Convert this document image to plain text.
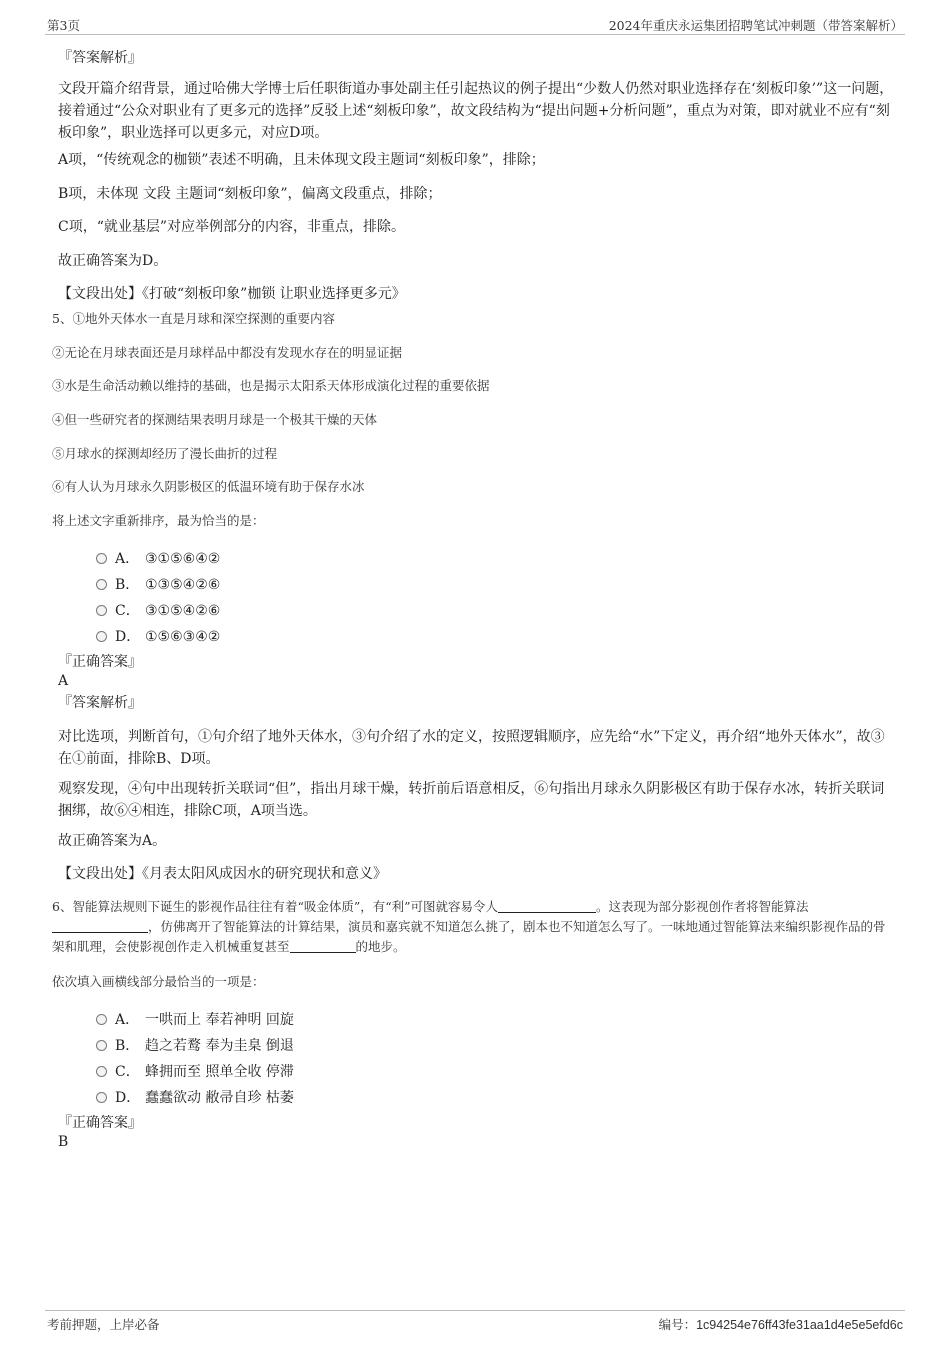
第3页	2024年重庆永运集团招聘笔试冲刺题（带答案解析）
『答案解析』
文段开篇介绍背景，通过哈佛大学博士后任职街道办事处副主任引起热议的例子提出“少数人仍然对职业选择存在‘刻板印象’”这一问题，接着通过“公众对职业有了更多元的选择”反驳上述“刻板印象”，故文段结构为“提出问题+分析问题”，重点为对策，即对就业不应有“刻板印象”，职业选择可以更多元，对应D项。
A项，“传统观念的枷锁”表述不明确，且未体现文段主题词“刻板印象”，排除；
B项，未体现 文段 主题词“刻板印象”，偏离文段重点，排除；
C项，“就业基层”对应举例部分的内容，非重点，排除。
故正确答案为D。
【文段出处】《打破“刻板印象”枷锁 让职业选择更多元》
5、①地外天体水一直是月球和深空探测的重要内容
②无论在月球表面还是月球样品中都没有发现水存在的明显证据
③水是生命活动赖以维持的基础，也是揭示太阳系天体形成演化过程的重要依据
④但一些研究者的探测结果表明月球是一个极其干燥的天体
⑤月球水的探测却经历了漫长曲折的过程
⑥有人认为月球永久阴影极区的低温环境有助于保存水冰
将上述文字重新排序，最为恰当的是：
A． ③①⑤⑥④②
B． ①③⑤④②⑥
C． ③①⑤④②⑥
D． ①⑤⑥③④②
『正确答案』
A
『答案解析』
对比选项，判断首句，①句介绍了地外天体水，③句介绍了水的定义，按照逻辑顺序，应先给“水”下定义，再介绍“地外天体水”，故③在①前面，排除B、D项。
观察发现，④句中出现转折关联词“但”，指出月球干燥，转折前后语意相反，⑥句指出月球永久阴影极区有助于保存水冰，转折关联词捆绑，故⑥④相连，排除C项，A项当选。
故正确答案为A。
【文段出处】《月表太阳风成因水的研究现状和意义》
6、智能算法规则下诞生的影视作品往往有着“吸金体质”，有“利”可图就容易令人	。这表现为部分影视创作者将智能算法，仿佛离开了智能算法的计算结果，演员和嘉宾就不知道怎么挑了，剧本也不知道怎么写了。一味地通过智能算法来编织影视作品的骨架和肌理，会使影视创作走入机械重复甚至	的地步。
依次填入画横线部分最恰当的一项是：
A． 一哄而上 奉若神明 回旋
B． 趋之若鹜 奉为圭臬 倒退
C． 蜂拥而至 照单全收 停滞
D． 蠢蠢欲动 敝帚自珍 枯萎
『正确答案』
B
考前押题，上岸必备	编号：1c94254e76ff43fe31aa1d4e5e5efd6c
